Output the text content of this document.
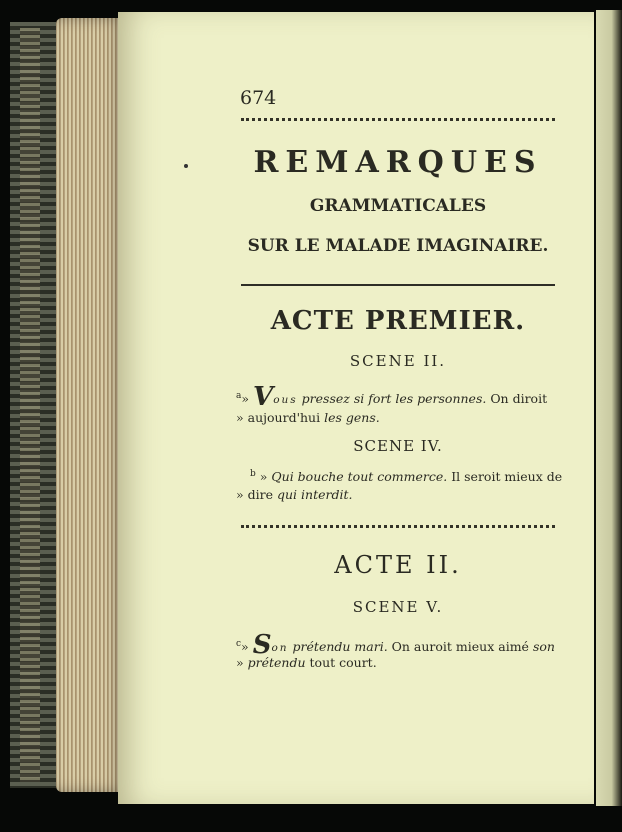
674
REMARQUES
GRAMMATICALES
SUR LE MALADE IMAGINAIRE.
ACTE PREMIER.
SCENE II.
$^a$» Vous pressez si fort les personnes. On diroit
» aujourd'hui les gens.
SCENE IV.
$^b$ » Qui bouche tout commerce. Il seroit mieux de
» dire qui interdit.
ACTE II.
SCENE V.
$^c$» Son prétendu mari. On auroit mieux aimé son
» prétendu tout court.
